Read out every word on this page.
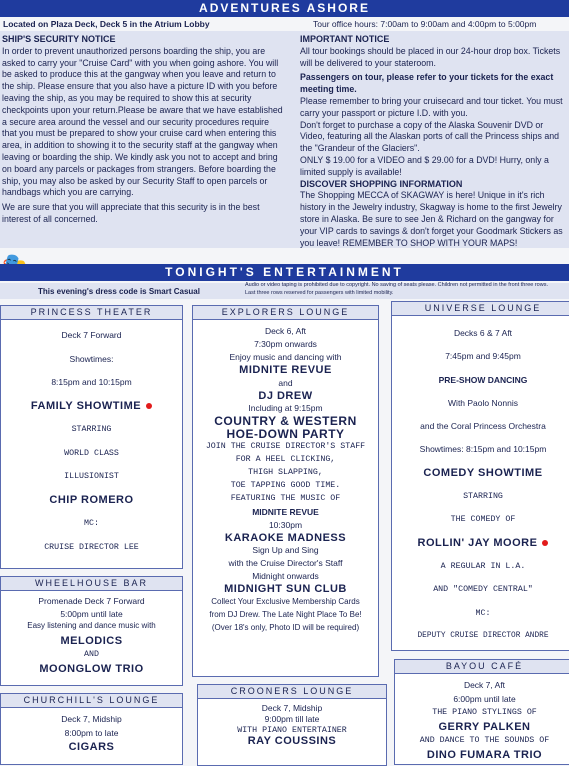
ADVENTURES ASHORE
Located on Plaza Deck, Deck 5 in the Atrium Lobby	Tour office hours: 7:00am to 9:00am and 4:00pm to 5:00pm
SHIP'S SECURITY NOTICE
In order to prevent unauthorized persons boarding the ship, you are asked to carry your "Cruise Card" with you when going ashore. You will be asked to produce this at the gangway when you leave and return to the ship. Please ensure that you also have a picture ID with you before leaving the ship, as you may be required to show this at security checkpoints upon your return.Please be aware that we have established a secure area around the vessel and our security procedures require that you must be prepared to show your cruise card when entering this area, in addition to showing it to the security staff at the gangway when leaving or boarding the ship. We kindly ask you not to accept and bring on board any parcels or packages from strangers. Before boarding the ship, you may also be asked by our Security Staff to open parcels or handbags which you are carrying.
We are sure that you will appreciate that this security is in the best interest of all concerned.
IMPORTANT NOTICE
All tour bookings should be placed in our 24-hour drop box. Tickets will be delivered to your stateroom.
Passengers on tour, please refer to your tickets for the exact meeting time.
Please remember to bring your cruisecard and tour ticket. You must carry your passport or picture I.D. with you.
Don't forget to purchase a copy of the Alaska Souvenir DVD or Video, featuring all the Alaskan ports of call the Princess ships and the "Grandeur of the Glaciers".
ONLY $ 19.00 for a VIDEO and $ 29.00 for a DVD! Hurry, only a limited supply is available!
DISCOVER SHOPPING INFORMATION
The Shopping MECCA of SKAGWAY is here! Unique in it's rich history in the Jewelry industry, Skagway is home to the first Jewelry store in Alaska. Be sure to see Jen & Richard on the gangway for your VIP cards to savings & don't forget your Goodmark Stickers as you leave! REMEMBER TO SHOP WITH YOUR MAPS!
TONIGHT'S ENTERTAINMENT
This evening's dress code is Smart Casual
Audio or video taping is prohibited due to copyright. No saving of seats please. Children not permitted in the front three rows.
Last three rows reserved for passengers with limited mobility.
PRINCESS THEATER

Deck 7 Forward

Showtimes:

8:15pm and 10:15pm

FAMILY SHOWTIME

STARRING

WORLD CLASS

ILLUSIONIST

CHIP ROMERO

MC:

CRUISE DIRECTOR LEE

WHEELHOUSE BAR

Promenade Deck 7 Forward

5:00pm until late

Easy listening and dance music with

MELODICS

AND

MOONGLOW TRIO

CHURCHILL'S LOUNGE

Deck 7, Midship

8:00pm to late

CIGARS

EXPLORERS LOUNGE

Deck 6, Aft

7:30pm onwards

Enjoy music and dancing with

MIDNITE REVUE

and

DJ DREW

Including at 9:15pm

COUNTRY & WESTERN

HOE-DOWN PARTY

JOIN THE CRUISE DIRECTOR'S STAFF

FOR A HEEL CLICKING,

THIGH SLAPPING,

TOE TAPPING GOOD TIME.

FEATURING THE MUSIC OF

MIDNITE REVUE

10:30pm

KARAOKE MADNESS

Sign Up and Sing

with the Cruise Director's Staff

Midnight onwards

MIDNIGHT SUN CLUB

Collect Your Exclusive Membership Cards

from DJ Drew. The Late Night Place To Be!

(Over 18's only, Photo ID will be required)

CROONERS LOUNGE

Deck 7, Midship

9:00pm till late

WITH PIANO ENTERTAINER

RAY COUSSINS

UNIVERSE LOUNGE

Decks 6 & 7 Aft

7:45pm and 9:45pm

PRE-SHOW DANCING

With Paolo Nonnis

and the Coral Princess Orchestra

Showtimes: 8:15pm and 10:15pm

COMEDY SHOWTIME

STARRING

THE COMEDY OF

ROLLIN' JAY MOORE

A REGULAR IN L.A.

AND "COMEDY CENTRAL"

MC:

DEPUTY CRUISE DIRECTOR ANDRE

BAYOU CAFÉ

Deck 7, Aft

6:00pm until late

THE PIANO STYLINGS OF

GERRY PALKEN

AND DANCE TO THE SOUNDS OF

DINO FUMARA TRIO
